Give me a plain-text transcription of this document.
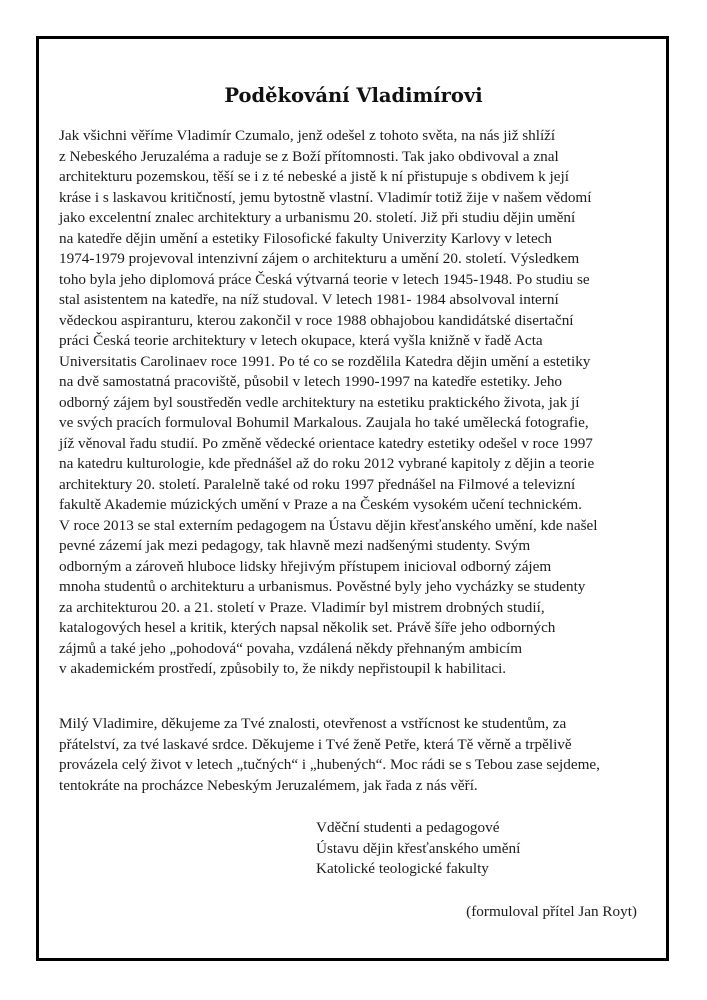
Poděkování Vladimírovi
Jak všichni věříme Vladimír Czumalo, jenž odešel z tohoto světa, na nás již shlíží
z Nebeského Jeruzaléma a raduje se z Boží přítomnosti. Tak jako obdivoval a znal
architekturu pozemskou, těší se i z té nebeské a jistě k ní přistupuje s obdivem k její
kráse i s laskavou kritičností, jemu bytostně vlastní. Vladimír totiž žije v našem vědomí
jako excelentní znalec architektury a urbanismu 20. století. Již při studiu dějin umění
na katedře dějin umění a estetiky Filosofické fakulty Univerzity Karlovy v letech
1974-1979 projevoval intenzivní zájem o architekturu a umění 20. století. Výsledkem
toho byla jeho diplomová práce Česká výtvarná teorie v letech 1945-1948. Po studiu se
stal asistentem na katedře, na níž studoval. V letech 1981- 1984 absolvoval interní
vědeckou aspiranturu, kterou zakončil v roce 1988 obhajobou kandidátské disertační
práci Česká teorie architektury v letech okupace, která vyšla knižně v řadě Acta
Universitatis Carolinaev roce 1991. Po té co se rozdělila Katedra dějin umění a estetiky
na dvě samostatná pracoviště, působil v letech 1990-1997 na katedře estetiky. Jeho
odborný zájem byl soustředěn vedle architektury na estetiku praktického života, jak jí
ve svých pracích formuloval Bohumil Markalous. Zaujala ho také umělecká fotografie,
jíž věnoval řadu studií. Po změně vědecké orientace katedry estetiky odešel v roce 1997
na katedru kulturologie, kde přednášel až do roku 2012 vybrané kapitoly z dějin a teorie
architektury 20. století. Paralelně také od roku 1997 přednášel na Filmové a televizní
fakultě Akademie múzických umění v Praze a na Českém vysokém učení technickém.
V roce 2013 se stal externím pedagogem na Ústavu dějin křesťanského umění, kde našel
pevné zázemí jak mezi pedagogy, tak hlavně mezi nadšenými studenty. Svým
odborným a zároveň hluboce lidsky hřejivým přístupem inicioval odborný zájem
mnoha studentů o architekturu a urbanismus. Pověstné byly jeho vycházky se studenty
za architekturou 20. a 21. století v Praze. Vladimír byl mistrem drobných studií,
katalogových hesel a kritik, kterých napsal několik set. Právě šíře jeho odborných
zájmů a také jeho „pohodová“ povaha, vzdálená někdy přehnaným ambicím
v akademickém prostředí, způsobily to, že nikdy nepřistoupil k habilitaci.
Milý Vladimire, děkujeme za Tvé znalosti, otevřenost a vstřícnost ke studentům, za
přátelství, za tvé laskavé srdce. Děkujeme i Tvé ženě Petře, která Tě věrně a trpělivě
provázela celý život v letech „tučných“ i „hubených“. Moc rádi se s Tebou zase sejdeme,
tentokráte na procházce Nebeským Jeruzalémem, jak řada z nás věří.
Vděční studenti a pedagogové
Ústavu dějin křesťanského umění
Katolické teologické fakulty
(formuloval přítel Jan Royt)
